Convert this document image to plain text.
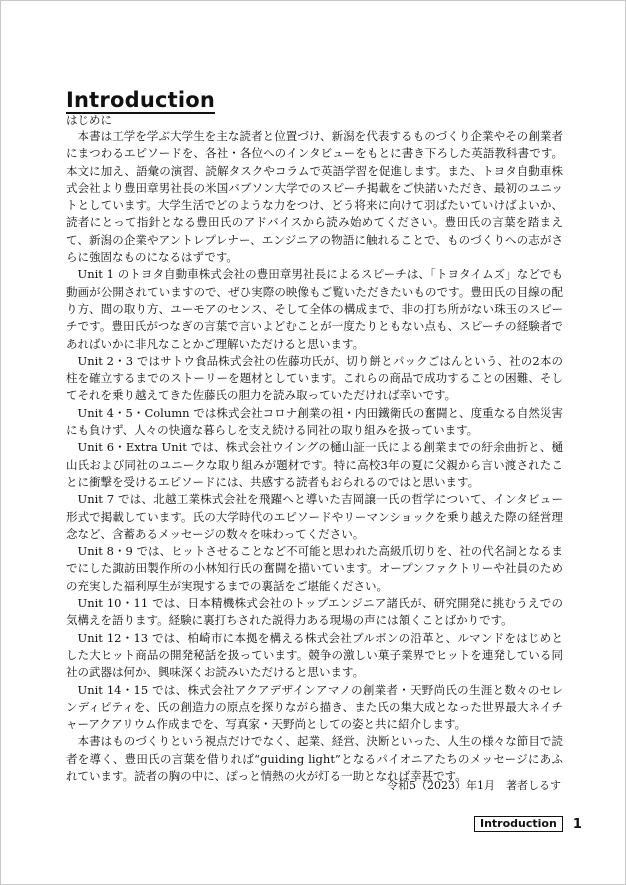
Introduction
はじめに

本書は工学を学ぶ大学生を主な読者と位置づけ、新潟を代表するものづくり企業やその創業者にまつわるエピソードを、各社・各位へのインタビューをもとに書き下ろした英語教科書です。本文に加え、語彙の演習、読解タスクやコラムで英語学習を促進します。また、トヨタ自動車株式会社より豊田章男社長の米国バブソン大学でのスピーチ掲載をご快諾いただき、最初のユニットとしています。大学生活でどのような力をつけ、どう将来に向けて羽ばたいていけばよいか、読者にとって指針となる豊田氏のアドバイスから読み始めてください。豊田氏の言葉を踏まえて、新潟の企業やアントレプレナー、エンジニアの物語に触れることで、ものづくりへの志がさらに強固なものになるはずです。

Unit 1 のトヨタ自動車株式会社の豊田章男社長によるスピーチは、「トヨタイムズ」などでも動画が公開されていますので、ぜひ実際の映像もご覧いただきたいものです。豊田氏の目線の配り方、間の取り方、ユーモアのセンス、そして全体の構成まで、非の打ち所がない珠玉のスピーチです。豊田氏がつなぎの言葉で言いよどむことが一度たりともない点も、スピーチの経験者であればいかに非凡なことかご理解いただけると思います。

Unit 2・3 ではサトウ食品株式会社の佐藤功氏が、切り餅とパックごはんという、社の2本の柱を確立するまでのストーリーを題材としています。これらの商品で成功することの困難、そしてそれを乗り越えてきた佐藤氏の胆力を読み取っていただければ幸いです。

Unit 4・5・Column では株式会社コロナ創業の祖・内田鐵衛氏の奮闘と、度重なる自然災害にも負けず、人々の快適な暮らしを支え続ける同社の取り組みを扱っています。

Unit 6・Extra Unit では、株式会社ウイングの樋山証一氏による創業までの紆余曲折と、樋山氏および同社のユニークな取り組みが題材です。特に高校3年の夏に父親から言い渡されたことに衝撃を受けるエピソードには、共感する読者もおられるのではと思います。

Unit 7 では、北越工業株式会社を飛躍へと導いた吉岡譲一氏の哲学について、インタビュー形式で掲載しています。氏の大学時代のエピソードやリーマンショックを乗り越えた際の経営理念など、含蓄あるメッセージの数々を味わってください。

Unit 8・9 では、ヒットさせることなど不可能と思われた高級爪切りを、社の代名詞となるまでにした諏訪田製作所の小林知行氏の奮闘を描いています。オープンファクトリーや社員のための充実した福利厚生が実現するまでの裏話をご堪能ください。

Unit 10・11 では、日本精機株式会社のトップエンジニア諸氏が、研究開発に挑むうえでの気構えを語ります。経験に裏打ちされた説得力ある現場の声には頷くことばかりです。

Unit 12・13 では、柏崎市に本拠を構える株式会社ブルボンの沿革と、ルマンドをはじめとした大ヒット商品の開発秘話を扱っています。競争の激しい菓子業界でヒットを連発している同社の武器は何か、興味深くお読みいただけると思います。

Unit 14・15 では、株式会社アクアデザインアマノの創業者・天野尚氏の生涯と数々のセレンディピティを、氏の創造力の原点を探りながら描き、また氏の集大成となった世界最大ネイチャーアクアリウム作成までを、写真家・天野尚としての姿と共に紹介します。

本書はものづくりという視点だけでなく、起業、経営、決断といった、人生の様々な節目で読者を導く、豊田氏の言葉を借りれば“guiding light”となるパイオニアたちのメッセージにあふれています。読者の胸の中に、ぽっと情熱の火が灯る一助となれば幸甚です。

令和5（2023）年1月　著者しるす
Introduction	1
